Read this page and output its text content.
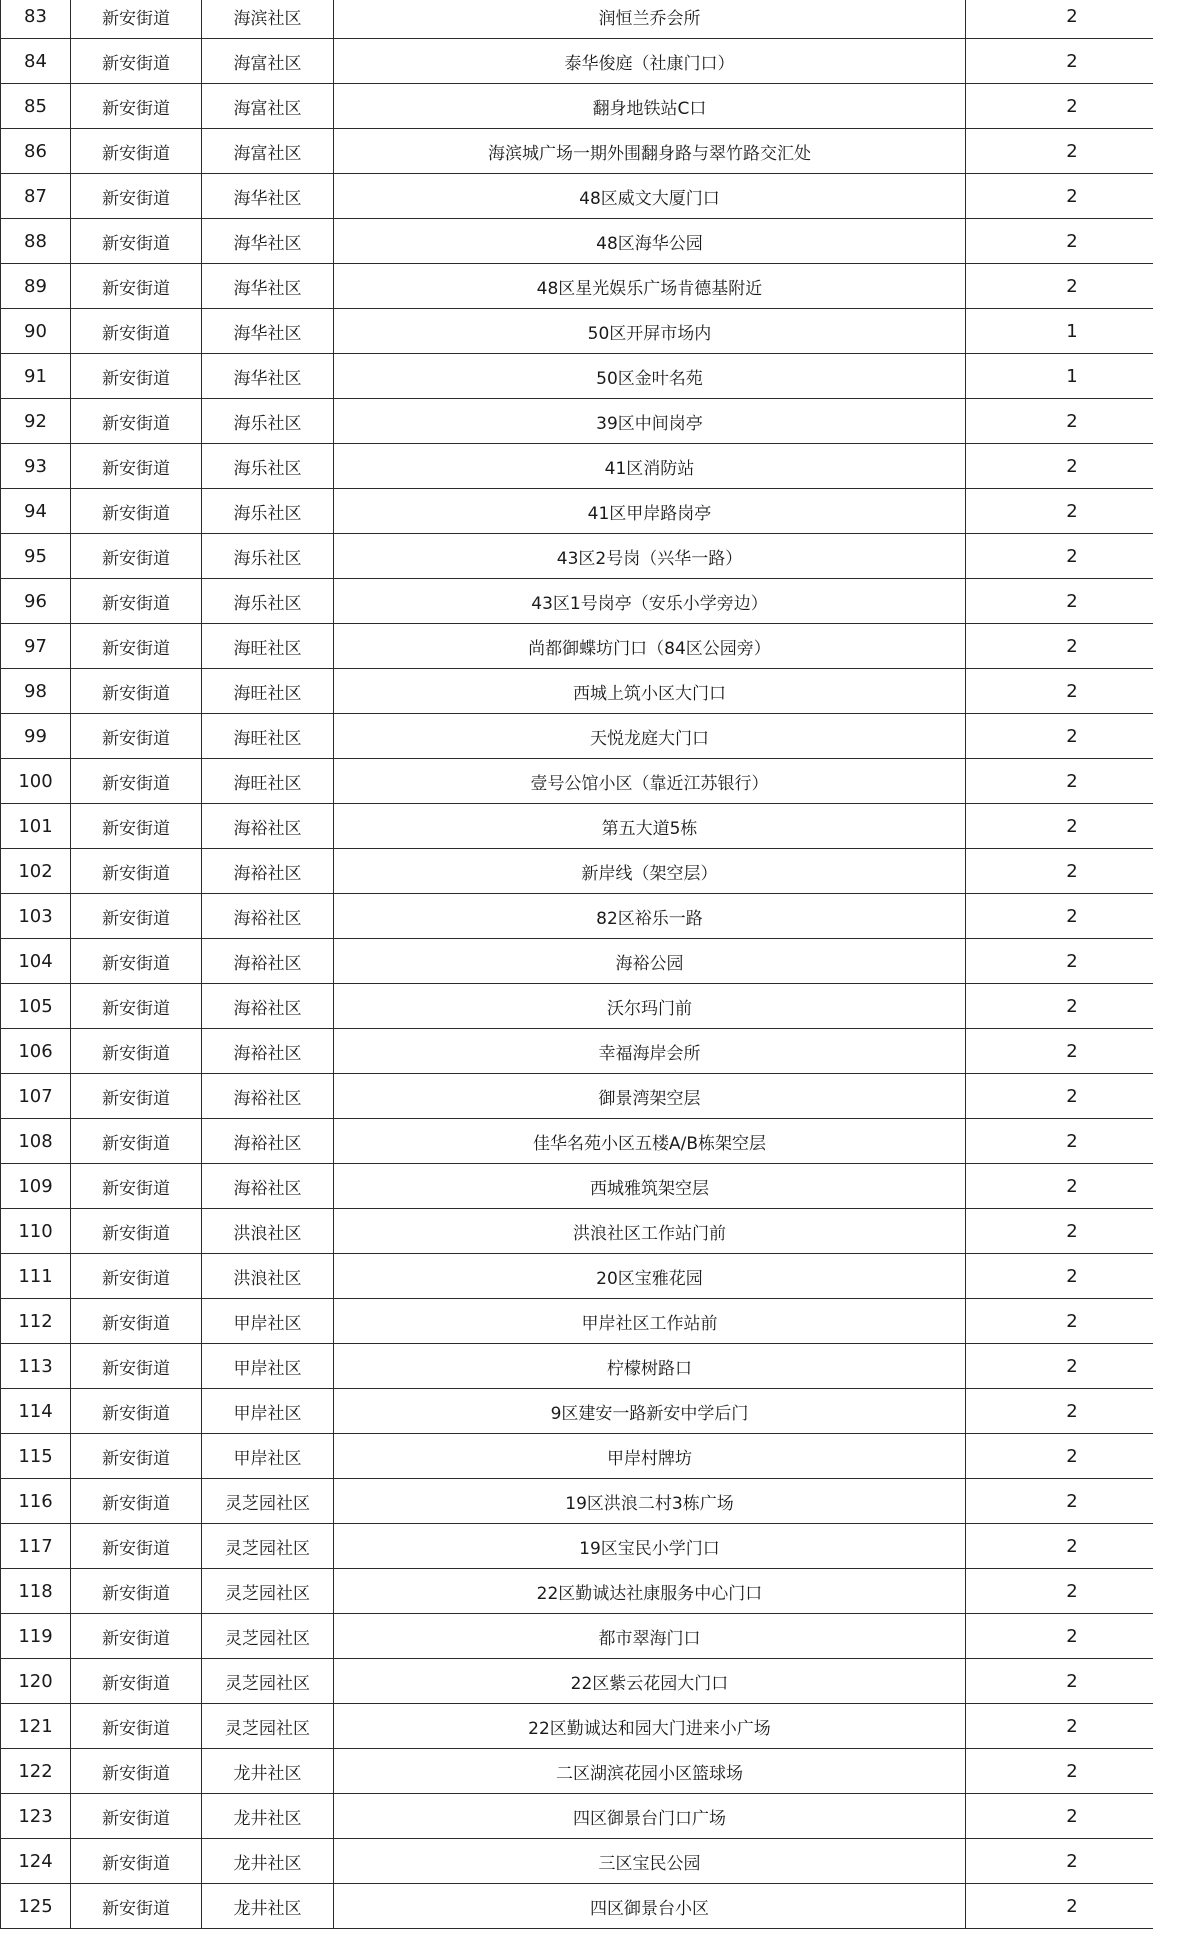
83	新安街道	海滨社区	润恒兰乔会所	2
84	新安街道	海富社区	泰华俊庭（社康门口）	2
85	新安街道	海富社区	翻身地铁站C口	2
86	新安街道	海富社区	海滨城广场一期外围翻身路与翠竹路交汇处	2
87	新安街道	海华社区	48区威文大厦门口	2
88	新安街道	海华社区	48区海华公园	2
89	新安街道	海华社区	48区星光娱乐广场肯德基附近	2
90	新安街道	海华社区	50区开屏市场内	1
91	新安街道	海华社区	50区金叶名苑	1
92	新安街道	海乐社区	39区中间岗亭	2
93	新安街道	海乐社区	41区消防站	2
94	新安街道	海乐社区	41区甲岸路岗亭	2
95	新安街道	海乐社区	43区2号岗（兴华一路）	2
96	新安街道	海乐社区	43区1号岗亭（安乐小学旁边）	2
97	新安街道	海旺社区	尚都御蝶坊门口（84区公园旁）	2
98	新安街道	海旺社区	西城上筑小区大门口	2
99	新安街道	海旺社区	天悦龙庭大门口	2
100	新安街道	海旺社区	壹号公馆小区（靠近江苏银行）	2
101	新安街道	海裕社区	第五大道5栋	2
102	新安街道	海裕社区	新岸线（架空层）	2
103	新安街道	海裕社区	82区裕乐一路	2
104	新安街道	海裕社区	海裕公园	2
105	新安街道	海裕社区	沃尔玛门前	2
106	新安街道	海裕社区	幸福海岸会所	2
107	新安街道	海裕社区	御景湾架空层	2
108	新安街道	海裕社区	佳华名苑小区五楼A/B栋架空层	2
109	新安街道	海裕社区	西城雅筑架空层	2
110	新安街道	洪浪社区	洪浪社区工作站门前	2
111	新安街道	洪浪社区	20区宝雅花园	2
112	新安街道	甲岸社区	甲岸社区工作站前	2
113	新安街道	甲岸社区	柠檬树路口	2
114	新安街道	甲岸社区	9区建安一路新安中学后门	2
115	新安街道	甲岸社区	甲岸村牌坊	2
116	新安街道	灵芝园社区	19区洪浪二村3栋广场	2
117	新安街道	灵芝园社区	19区宝民小学门口	2
118	新安街道	灵芝园社区	22区勤诚达社康服务中心门口	2
119	新安街道	灵芝园社区	都市翠海门口	2
120	新安街道	灵芝园社区	22区紫云花园大门口	2
121	新安街道	灵芝园社区	22区勤诚达和园大门进来小广场	2
122	新安街道	龙井社区	二区湖滨花园小区篮球场	2
123	新安街道	龙井社区	四区御景台门口广场	2
124	新安街道	龙井社区	三区宝民公园	2
125	新安街道	龙井社区	四区御景台小区	2
